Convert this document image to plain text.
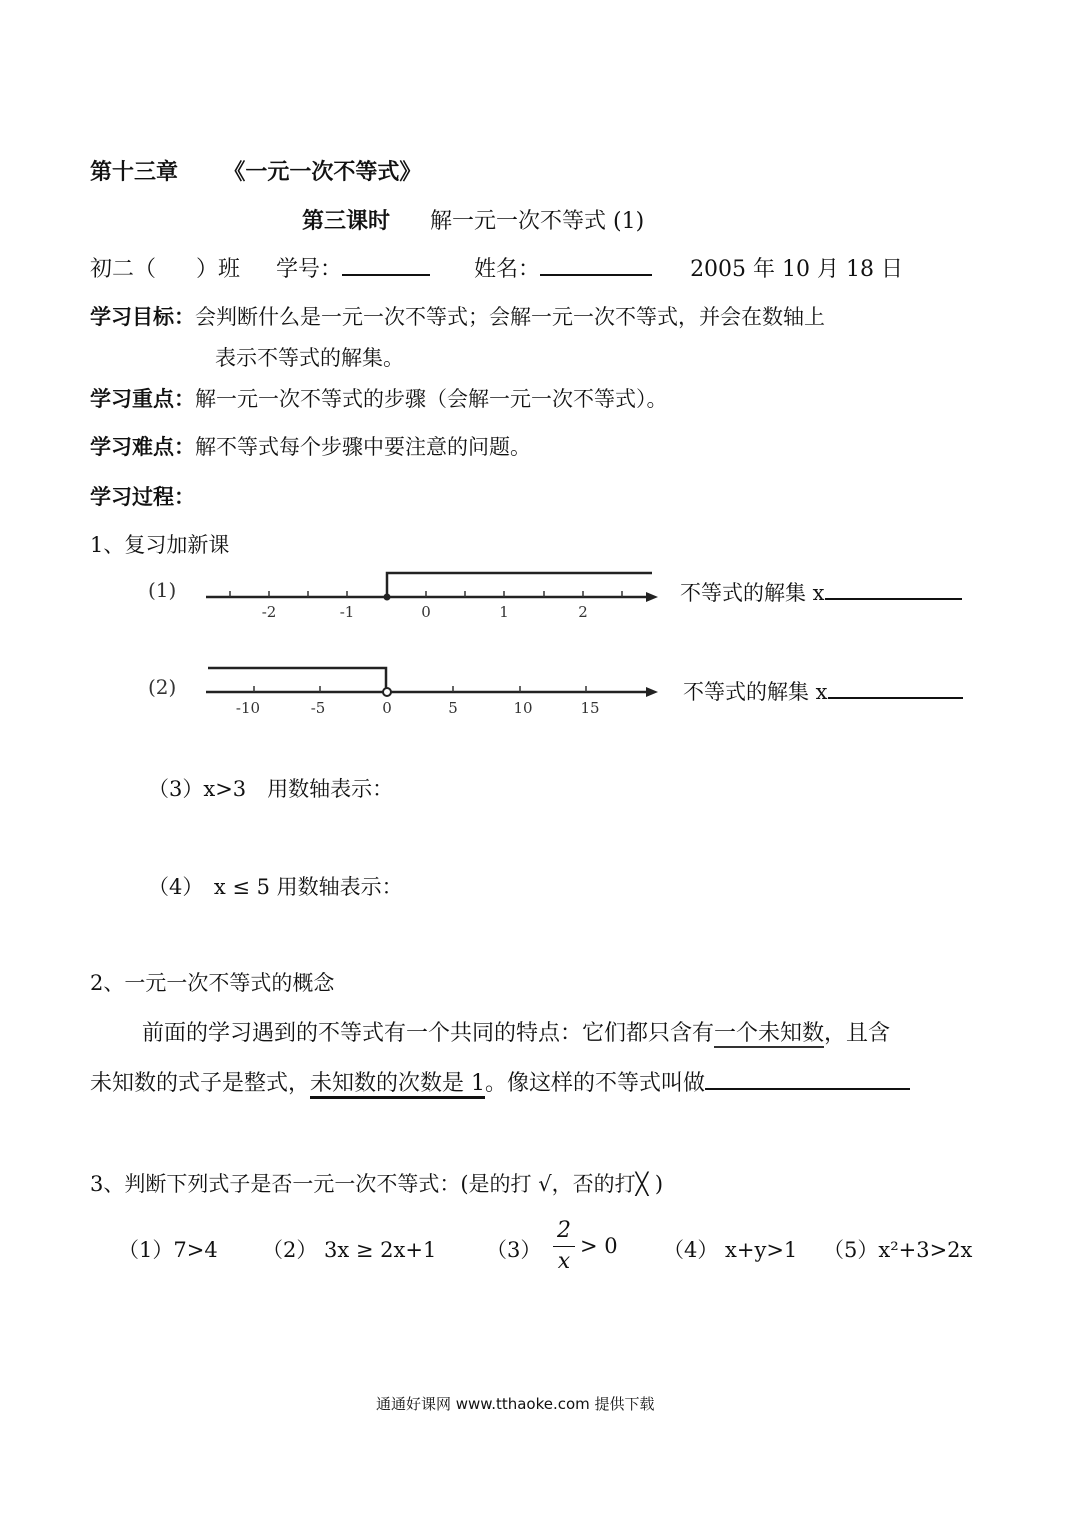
第十三章 《一元一次不等式》
第三课时 解一元一次不等式 (1)
初二（ ）班 学号：	姓名：	2005 年 10 月 18 日
学习目标：会判断什么是一元一次不等式；会解一元一次不等式，并会在数轴上
表示不等式的解集。
学习重点：解一元一次不等式的步骤（会解一元一次不等式）。
学习难点：解不等式每个步骤中要注意的问题。
学习过程：
1、复习加新课
(1)
-2	-1	0	1	2
不等式的解集 x
(2)
-10	-5	0	5	10	15
不等式的解集 x
（3）x>3　用数轴表示：
（4）　x ≤ 5 用数轴表示：
2、一元一次不等式的概念
前面的学习遇到的不等式有一个共同的特点：它们都只含有一个未知数，且含
未知数的式子是整式，未知数的次数是 1。像这样的不等式叫做
3、判断下列式子是否一元一次不等式：(是的打 √，否的打╳ )
（1）7>4 （2） 3x ≥ 2x+1 （3）
2
x
> 0 （4） x+y>1 （5）x²+3>2x
通通好课网 www.tthaoke.com 提供下载
